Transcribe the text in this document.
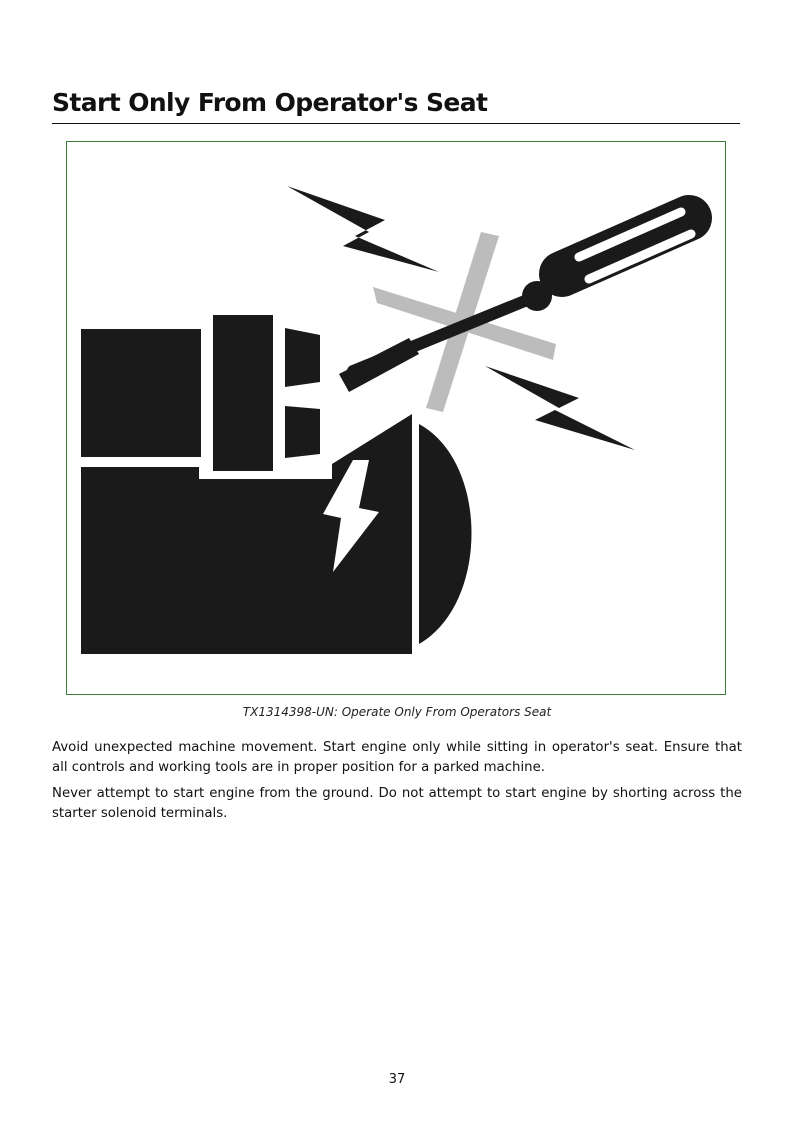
Start Only From Operator's Seat
TX1314398-UN: Operate Only From Operators Seat

Avoid unexpected machine movement. Start engine only while sitting in operator's seat. Ensure that all controls and working tools are in proper position for a parked machine.

Never attempt to start engine from the ground. Do not attempt to start engine by shorting across the starter solenoid terminals.

37
